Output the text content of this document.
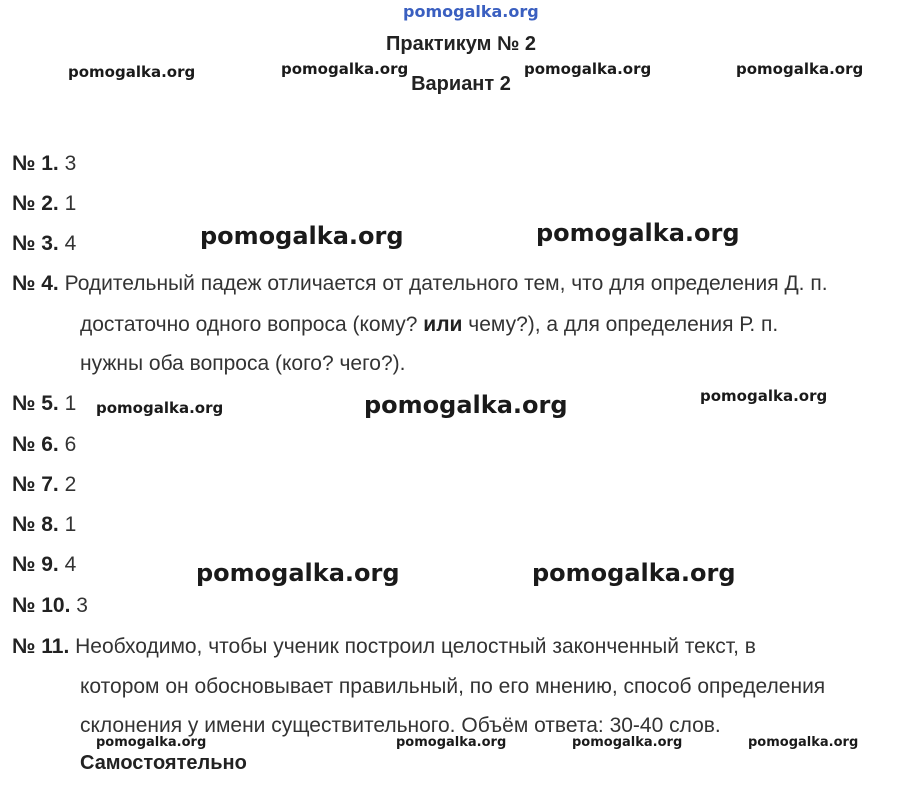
pomogalka.org
pomogalka.org	pomogalka.org	pomogalka.org	pomogalka.org
pomogalka.org	pomogalka.org
pomogalka.org	pomogalka.org	pomogalka.org
pomogalka.org	pomogalka.org
pomogalka.org	pomogalka.org	pomogalka.org	pomogalka.org
Практикум № 2
Вариант 2
№ 1. 3
№ 2. 1
№ 3. 4
№ 4. Родительный падеж отличается от дательного тем, что для определения Д. п.
достаточно одного вопроса (кому? или чему?), а для определения Р. п.
нужны оба вопроса (кого? чего?).
№ 5. 1
№ 6. 6
№ 7. 2
№ 8. 1
№ 9. 4
№ 10. 3
№ 11. Необходимо, чтобы ученик построил целостный законченный текст, в
котором он обосновывает правильный, по его мнению, способ определения
склонения у имени существительного. Объём ответа: 30-40 слов.
Самостоятельно
